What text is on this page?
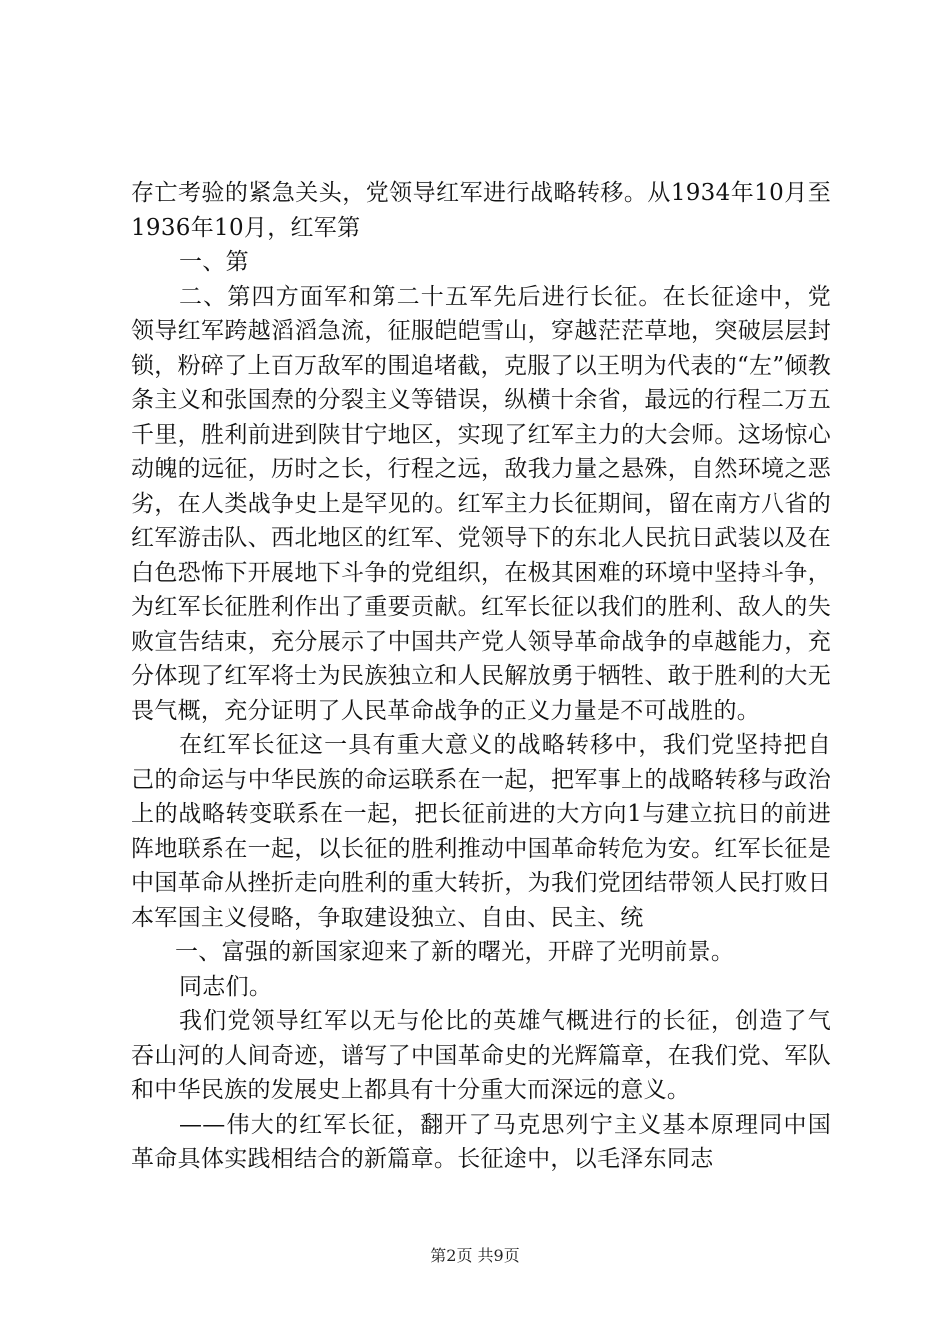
存亡考验的紧急关头，党领导红军进行战略转移。从1934年10月至1936年10月，红军第

一、第

二、第四方面军和第二十五军先后进行长征。在长征途中，党领导红军跨越滔滔急流，征服皑皑雪山，穿越茫茫草地，突破层层封锁，粉碎了上百万敌军的围追堵截，克服了以王明为代表的“左”倾教条主义和张国焘的分裂主义等错误，纵横十余省，最远的行程二万五千里，胜利前进到陕甘宁地区，实现了红军主力的大会师。这场惊心动魄的远征，历时之长，行程之远，敌我力量之悬殊，自然环境之恶劣，在人类战争史上是罕见的。红军主力长征期间，留在南方八省的红军游击队、西北地区的红军、党领导下的东北人民抗日武装以及在白色恐怖下开展地下斗争的党组织，在极其困难的环境中坚持斗争，为红军长征胜利作出了重要贡献。红军长征以我们的胜利、敌人的失败宣告结束，充分展示了中国共产党人领导革命战争的卓越能力，充分体现了红军将士为民族独立和人民解放勇于牺牲、敢于胜利的大无畏气概，充分证明了人民革命战争的正义力量是不可战胜的。

在红军长征这一具有重大意义的战略转移中，我们党坚持把自己的命运与中华民族的命运联系在一起，把军事上的战略转移与政治上的战略转变联系在一起，把长征前进的大方向1与建立抗日的前进阵地联系在一起，以长征的胜利推动中国革命转危为安。红军长征是中国革命从挫折走向胜利的重大转折，为我们党团结带领人民打败日本军国主义侵略，争取建设独立、自由、民主、统

一、富强的新国家迎来了新的曙光，开辟了光明前景。

同志们。

我们党领导红军以无与伦比的英雄气概进行的长征，创造了气吞山河的人间奇迹，谱写了中国革命史的光辉篇章，在我们党、军队和中华民族的发展史上都具有十分重大而深远的意义。

——伟大的红军长征，翻开了马克思列宁主义基本原理同中国革命具体实践相结合的新篇章。长征途中，以毛泽东同志

第2页 共9页
